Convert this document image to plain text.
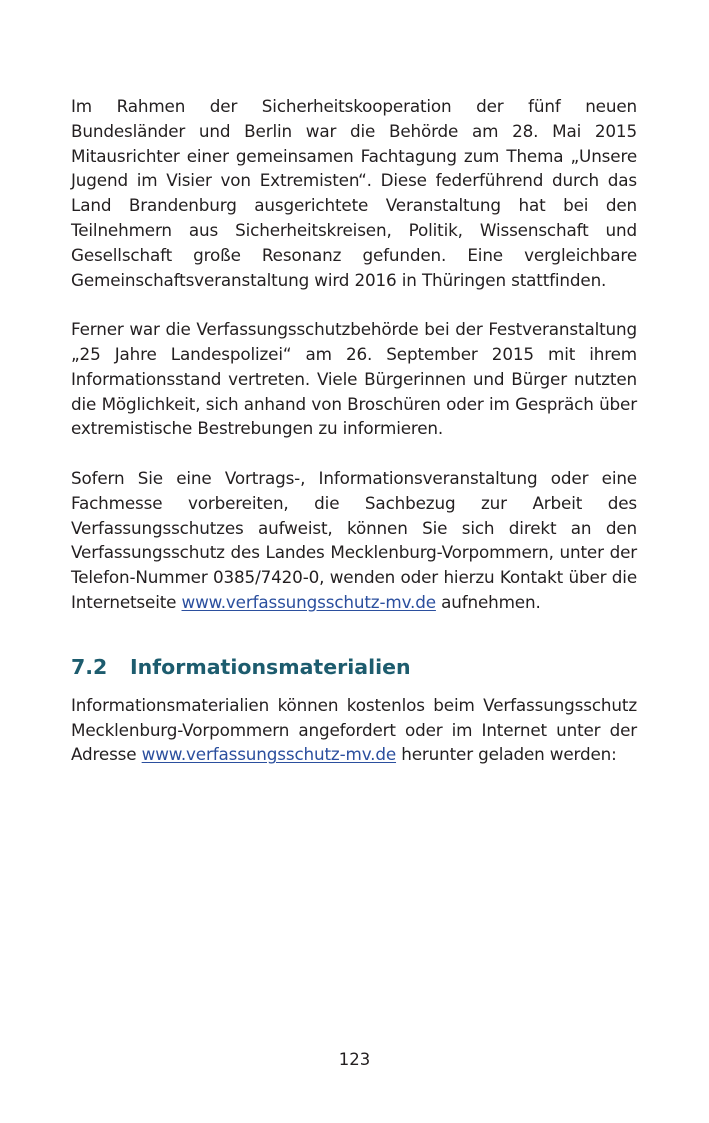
Im Rahmen der Sicherheitskooperation der fünf neuen Bundesländer und Berlin war die Behörde am 28. Mai 2015 Mitausrichter einer gemeinsamen Fachtagung zum Thema „Unsere Jugend im Visier von Extremisten“. Diese federführend durch das Land Brandenburg ausgerichtete Veranstaltung hat bei den Teilnehmern aus Sicherheitskreisen, Politik, Wissenschaft und Gesellschaft große Resonanz gefunden. Eine vergleichbare Gemeinschaftsveranstaltung wird 2016 in Thüringen stattfinden.

Ferner war die Verfassungsschutzbehörde bei der Festveranstaltung „25 Jahre Landespolizei“ am 26. September 2015 mit ihrem Informationsstand vertreten. Viele Bürgerinnen und Bürger nutzten die Möglichkeit, sich anhand von Broschüren oder im Gespräch über extremistische Bestrebungen zu informieren.

Sofern Sie eine Vortrags-, Informationsveranstaltung oder eine Fachmesse vorbereiten, die Sachbezug zur Arbeit des Verfassungsschutzes aufweist, können Sie sich direkt an den Verfassungsschutz des Landes Mecklenburg-Vorpommern, unter der Telefon-Nummer 0385/7420-0, wenden oder hierzu Kontakt über die Internetseite www.verfassungsschutz-mv.de aufnehmen.

7.2	Informationsmaterialien

Informationsmaterialien können kostenlos beim Verfassungsschutz Mecklenburg-Vorpommern angefordert oder im Internet unter der Adresse www.verfassungsschutz-mv.de herunter geladen werden:

123
